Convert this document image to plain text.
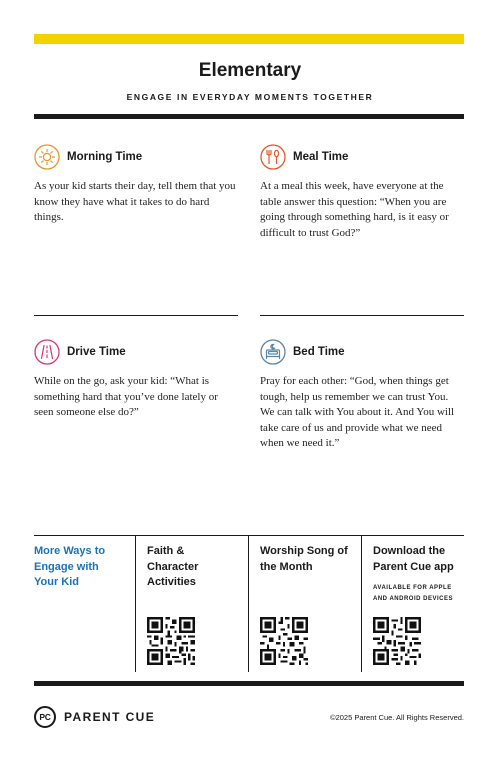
Elementary
ENGAGE IN EVERYDAY MOMENTS TOGETHER
Morning Time
As your kid starts their day, tell them that you know they have what it takes to do hard things.
Meal Time
At a meal this week, have everyone at the table answer this question: “When you are going through something hard, is it easy or difficult to trust God?”
Drive Time
While on the go, ask your kid: “What is something hard that you’ve done lately or seen someone else do?”
Bed Time
Pray for each other: “God, when things get tough, help us remember we can trust You. We can talk with You about it. And You will take care of us and provide what we need when we need it.”
More Ways to Engage with Your Kid
Faith & Character Activities
Worship Song of the Month
Download the Parent Cue app
AVAILABLE FOR APPLE AND ANDROID DEVICES
PC	PARENT CUE	©2025 Parent Cue. All Rights Reserved.
